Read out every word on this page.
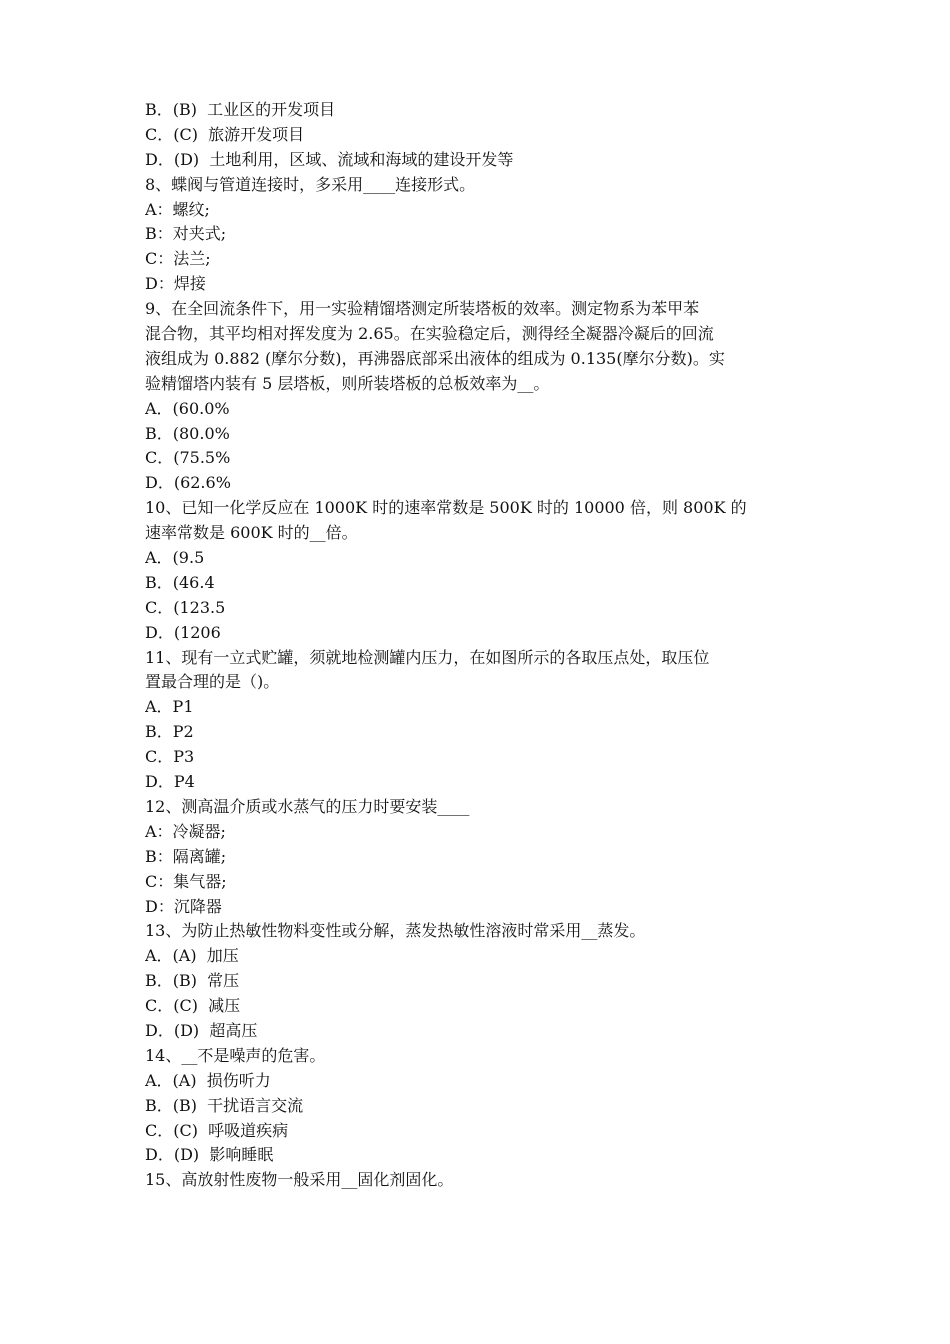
B．(B)  工业区的开发项目
C．(C)  旅游开发项目
D．(D)  土地利用，区域、流域和海域的建设开发等
8、蝶阀与管道连接时，多采用____连接形式。
A：螺纹;
B：对夹式;
C：法兰;
D：焊接
9、在全回流条件下，用一实验精馏塔测定所装塔板的效率。测定物系为苯甲苯
混合物，其平均相对挥发度为 2.65。在实验稳定后，测得经全凝器冷凝后的回流
液组成为 0.882 (摩尔分数)，再沸器底部采出液体的组成为 0.135(摩尔分数)。实
验精馏塔内装有 5 层塔板，则所装塔板的总板效率为__。
A．(60.0%
B．(80.0%
C．(75.5%
D．(62.6%
10、已知一化学反应在 1000K 时的速率常数是 500K 时的 10000 倍，则 800K 的
速率常数是 600K 时的__倍。
A．(9.5
B．(46.4
C．(123.5
D．(1206
11、现有一立式贮罐，须就地检测罐内压力，在如图所示的各取压点处，取压位
置最合理的是（)。
A．P1
B．P2
C．P3
D．P4
12、测高温介质或水蒸气的压力时要安装____
A：冷凝器;
B：隔离罐;
C：集气器;
D：沉降器
13、为防止热敏性物料变性或分解，蒸发热敏性溶液时常采用__蒸发。
A．(A)  加压
B．(B)  常压
C．(C)  减压
D．(D)  超高压
14、__不是噪声的危害。
A．(A)  损伤听力
B．(B)  干扰语言交流
C．(C)  呼吸道疾病
D．(D)  影响睡眠
15、高放射性废物一般采用__固化剂固化。
